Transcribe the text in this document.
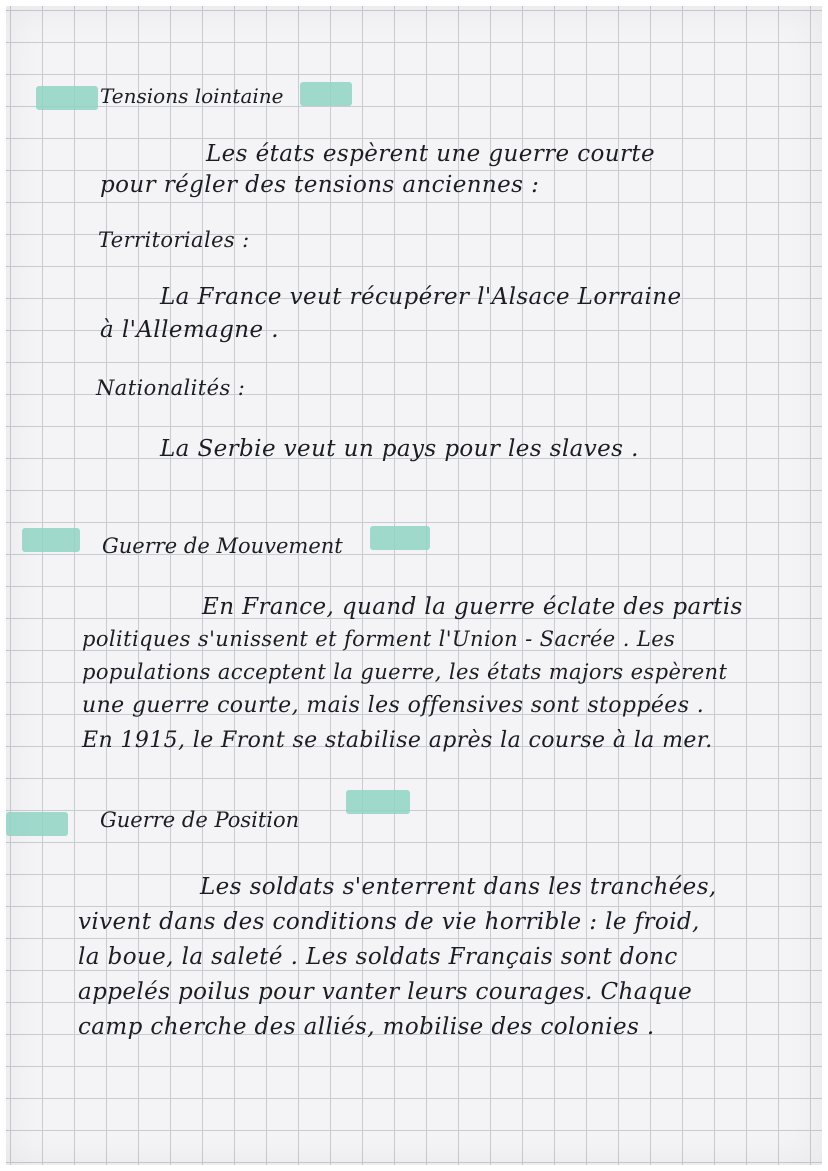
Tensions lointaine
Les états espèrent une guerre courte
pour régler des tensions anciennes :
Territoriales :
La France veut récupérer l'Alsace Lorraine
à l'Allemagne .
Nationalités :
La Serbie veut un pays pour les slaves .
Guerre de Mouvement
En France, quand la guerre éclate des partis
politiques s'unissent et forment l'Union - Sacrée . Les
populations acceptent la guerre, les états majors espèrent
une guerre courte, mais les offensives sont stoppées .
En 1915, le Front se stabilise après la course à la mer.
Guerre de Position
Les soldats s'enterrent dans les tranchées,
vivent dans des conditions de vie horrible : le froid,
la boue, la saleté . Les soldats Français sont donc
appelés poilus pour vanter leurs courages. Chaque
camp cherche des alliés, mobilise des colonies .
